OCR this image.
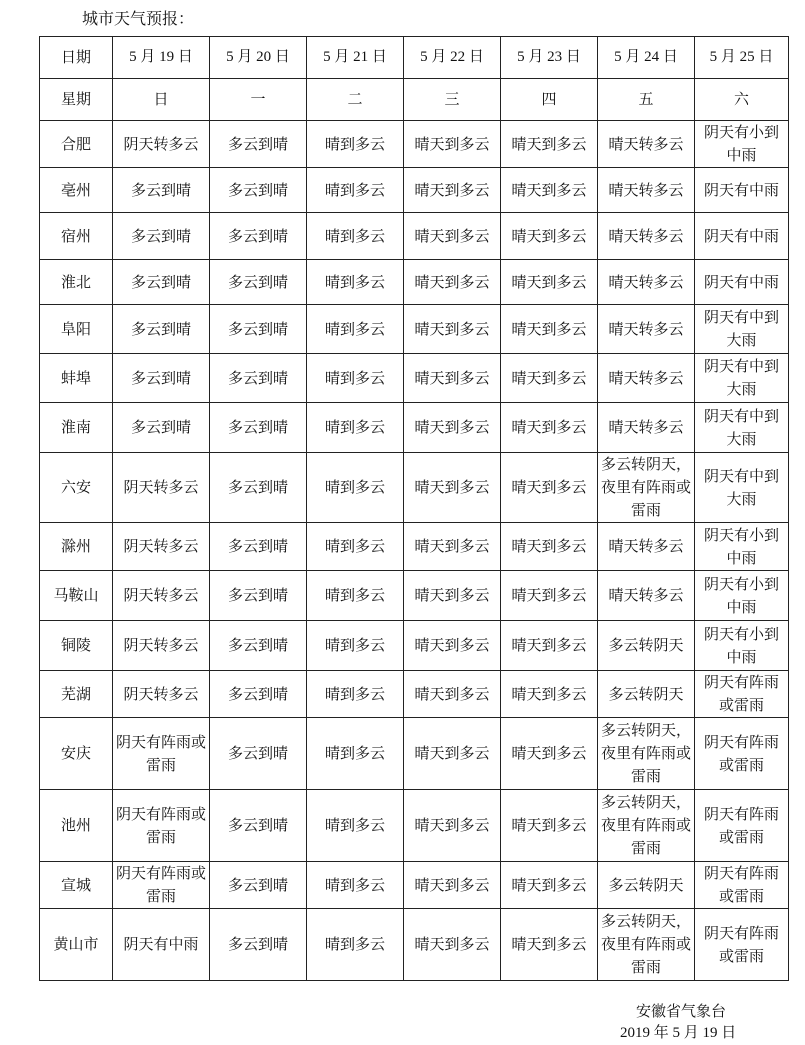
城市天气预报：
日期	5 月 19 日	5 月 20 日	5 月 21 日	5 月 22 日	5 月 23 日	5 月 24 日	5 月 25 日
星期	日	一	二	三	四	五	六
合肥	阴天转多云	多云到晴	晴到多云	晴天到多云	晴天到多云	晴天转多云	阴天有小到中雨
亳州	多云到晴	多云到晴	晴到多云	晴天到多云	晴天到多云	晴天转多云	阴天有中雨
宿州	多云到晴	多云到晴	晴到多云	晴天到多云	晴天到多云	晴天转多云	阴天有中雨
淮北	多云到晴	多云到晴	晴到多云	晴天到多云	晴天到多云	晴天转多云	阴天有中雨
阜阳	多云到晴	多云到晴	晴到多云	晴天到多云	晴天到多云	晴天转多云	阴天有中到大雨
蚌埠	多云到晴	多云到晴	晴到多云	晴天到多云	晴天到多云	晴天转多云	阴天有中到大雨
淮南	多云到晴	多云到晴	晴到多云	晴天到多云	晴天到多云	晴天转多云	阴天有中到大雨
六安	阴天转多云	多云到晴	晴到多云	晴天到多云	晴天到多云	多云转阴天，夜里有阵雨或雷雨	阴天有中到大雨
滁州	阴天转多云	多云到晴	晴到多云	晴天到多云	晴天到多云	晴天转多云	阴天有小到中雨
马鞍山	阴天转多云	多云到晴	晴到多云	晴天到多云	晴天到多云	晴天转多云	阴天有小到中雨
铜陵	阴天转多云	多云到晴	晴到多云	晴天到多云	晴天到多云	多云转阴天	阴天有小到中雨
芜湖	阴天转多云	多云到晴	晴到多云	晴天到多云	晴天到多云	多云转阴天	阴天有阵雨或雷雨
安庆	阴天有阵雨或雷雨	多云到晴	晴到多云	晴天到多云	晴天到多云	多云转阴天，夜里有阵雨或雷雨	阴天有阵雨或雷雨
池州	阴天有阵雨或雷雨	多云到晴	晴到多云	晴天到多云	晴天到多云	多云转阴天，夜里有阵雨或雷雨	阴天有阵雨或雷雨
宣城	阴天有阵雨或雷雨	多云到晴	晴到多云	晴天到多云	晴天到多云	多云转阴天	阴天有阵雨或雷雨
黄山市	阴天有中雨	多云到晴	晴到多云	晴天到多云	晴天到多云	多云转阴天，夜里有阵雨或雷雨	阴天有阵雨或雷雨
安徽省气象台
2019 年 5 月 19 日
